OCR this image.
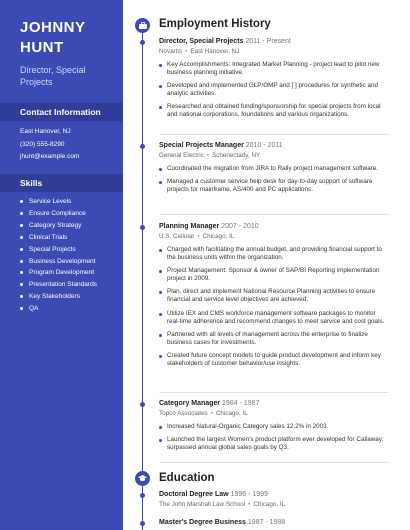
JOHNNY
HUNT
Director, Special Projects
Contact Information
East Hanover, NJ
(320) 555-8290
jhunt@example.com
Skills
Service Levels
Ensure Compliance
Category Strategy
Clinical Trials
Special Projects
Business Development
Program Development
Presentation Standards
Key Stakeholders
QA
Employment History
Director, Special Projects 2011 - Present
Novartis • East Hanover, NJ
Key Accomplishments: Integrated Market Planning - project lead to pilot new business planning initiative.
Developed and implemented GLP/OMP and [ ] procedures for synthetic and analytic activities.
Researched and obtained funding/sponsorship for special projects from local and national corporations, foundations and various organizations.
Special Projects Manager 2010 - 2011
General Electric • Schenectady, NY
Coordinated the migration from JIRA to Rally project management software.
Managed a customer service help desk for day-to-day support of software projects for mainframe, AS/400 and PC applications.
Planning Manager 2007 - 2010
U.S. Cellular • Chicago, IL
Charged with facilitating the annual budget, and providing financial support to the business units within the organization.
Project Management: Sponsor & owner of SAP/BI Reporting implementation project in 2009.
Plan, direct and implement National Resource Planning activities to ensure financial and service level objectives are achieved.
Utilize IEX and CMS workforce management software packages to monitor real-time adherence and recommend changes to meet service and cost goals.
Partnered with all levels of management across the enterprise to finalize business cases for investments.
Created future concept models to guide product development and inform key stakeholders of customer behavior/use insights.
Category Manager 1984 - 1987
Topco Associates • Chicago, IL
Increased Natural-Organic Category sales 12.2% in 2003.
Launched the largest Women's product platform ever developed for Callaway; surpassed annual global sales goals by Q3.
Education
Doctoral Degree Law 1996 - 1999
The John Marshall Law School • Chicago, IL
Master's Degree Business 1987 - 1988
